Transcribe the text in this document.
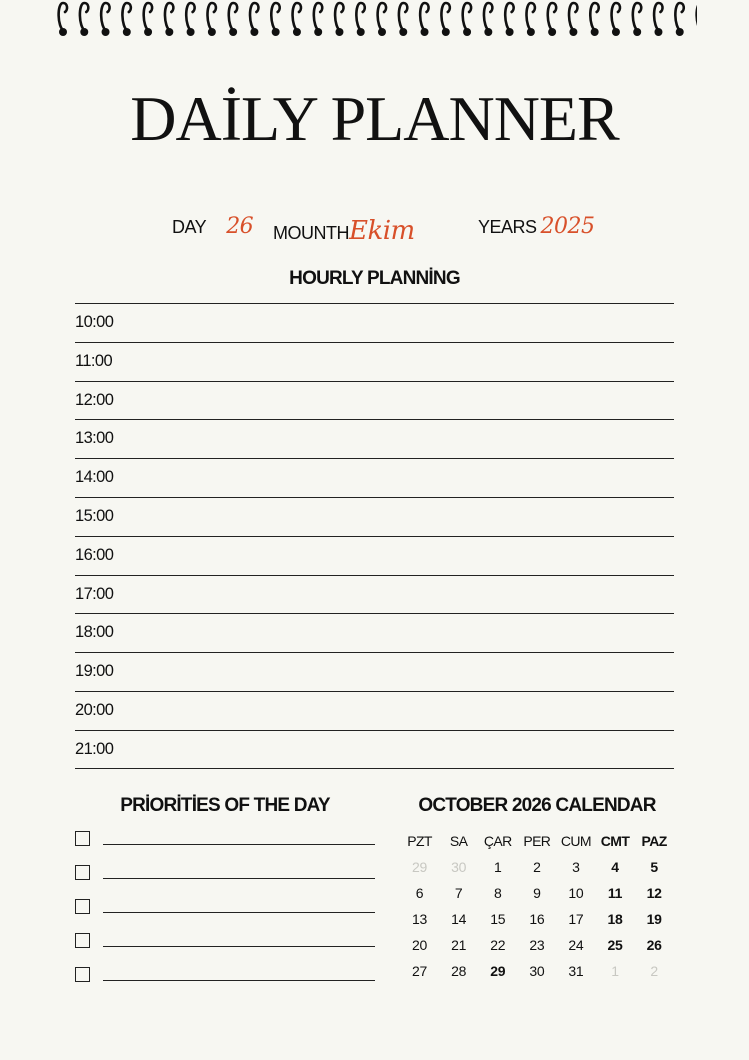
DAİLY PLANNER
DAY 26 MOUNTHEkim	YEARS 2025
HOURLY PLANNİNG
10:00
11:00
12:00
13:00
14:00
15:00
16:00
17:00
18:00
19:00
20:00
21:00
PRİORİTİES OF THE DAY	OCTOBER 2026 CALENDAR
PZT	SA	ÇAR PER CUM CMT PAZ
29	30	1	2	3	4	5
6	7	8	9	10	11	12
13	14	15	16	17	18	19
20	21	22	23	24	25	26
27	28	29	30	31	1	2
